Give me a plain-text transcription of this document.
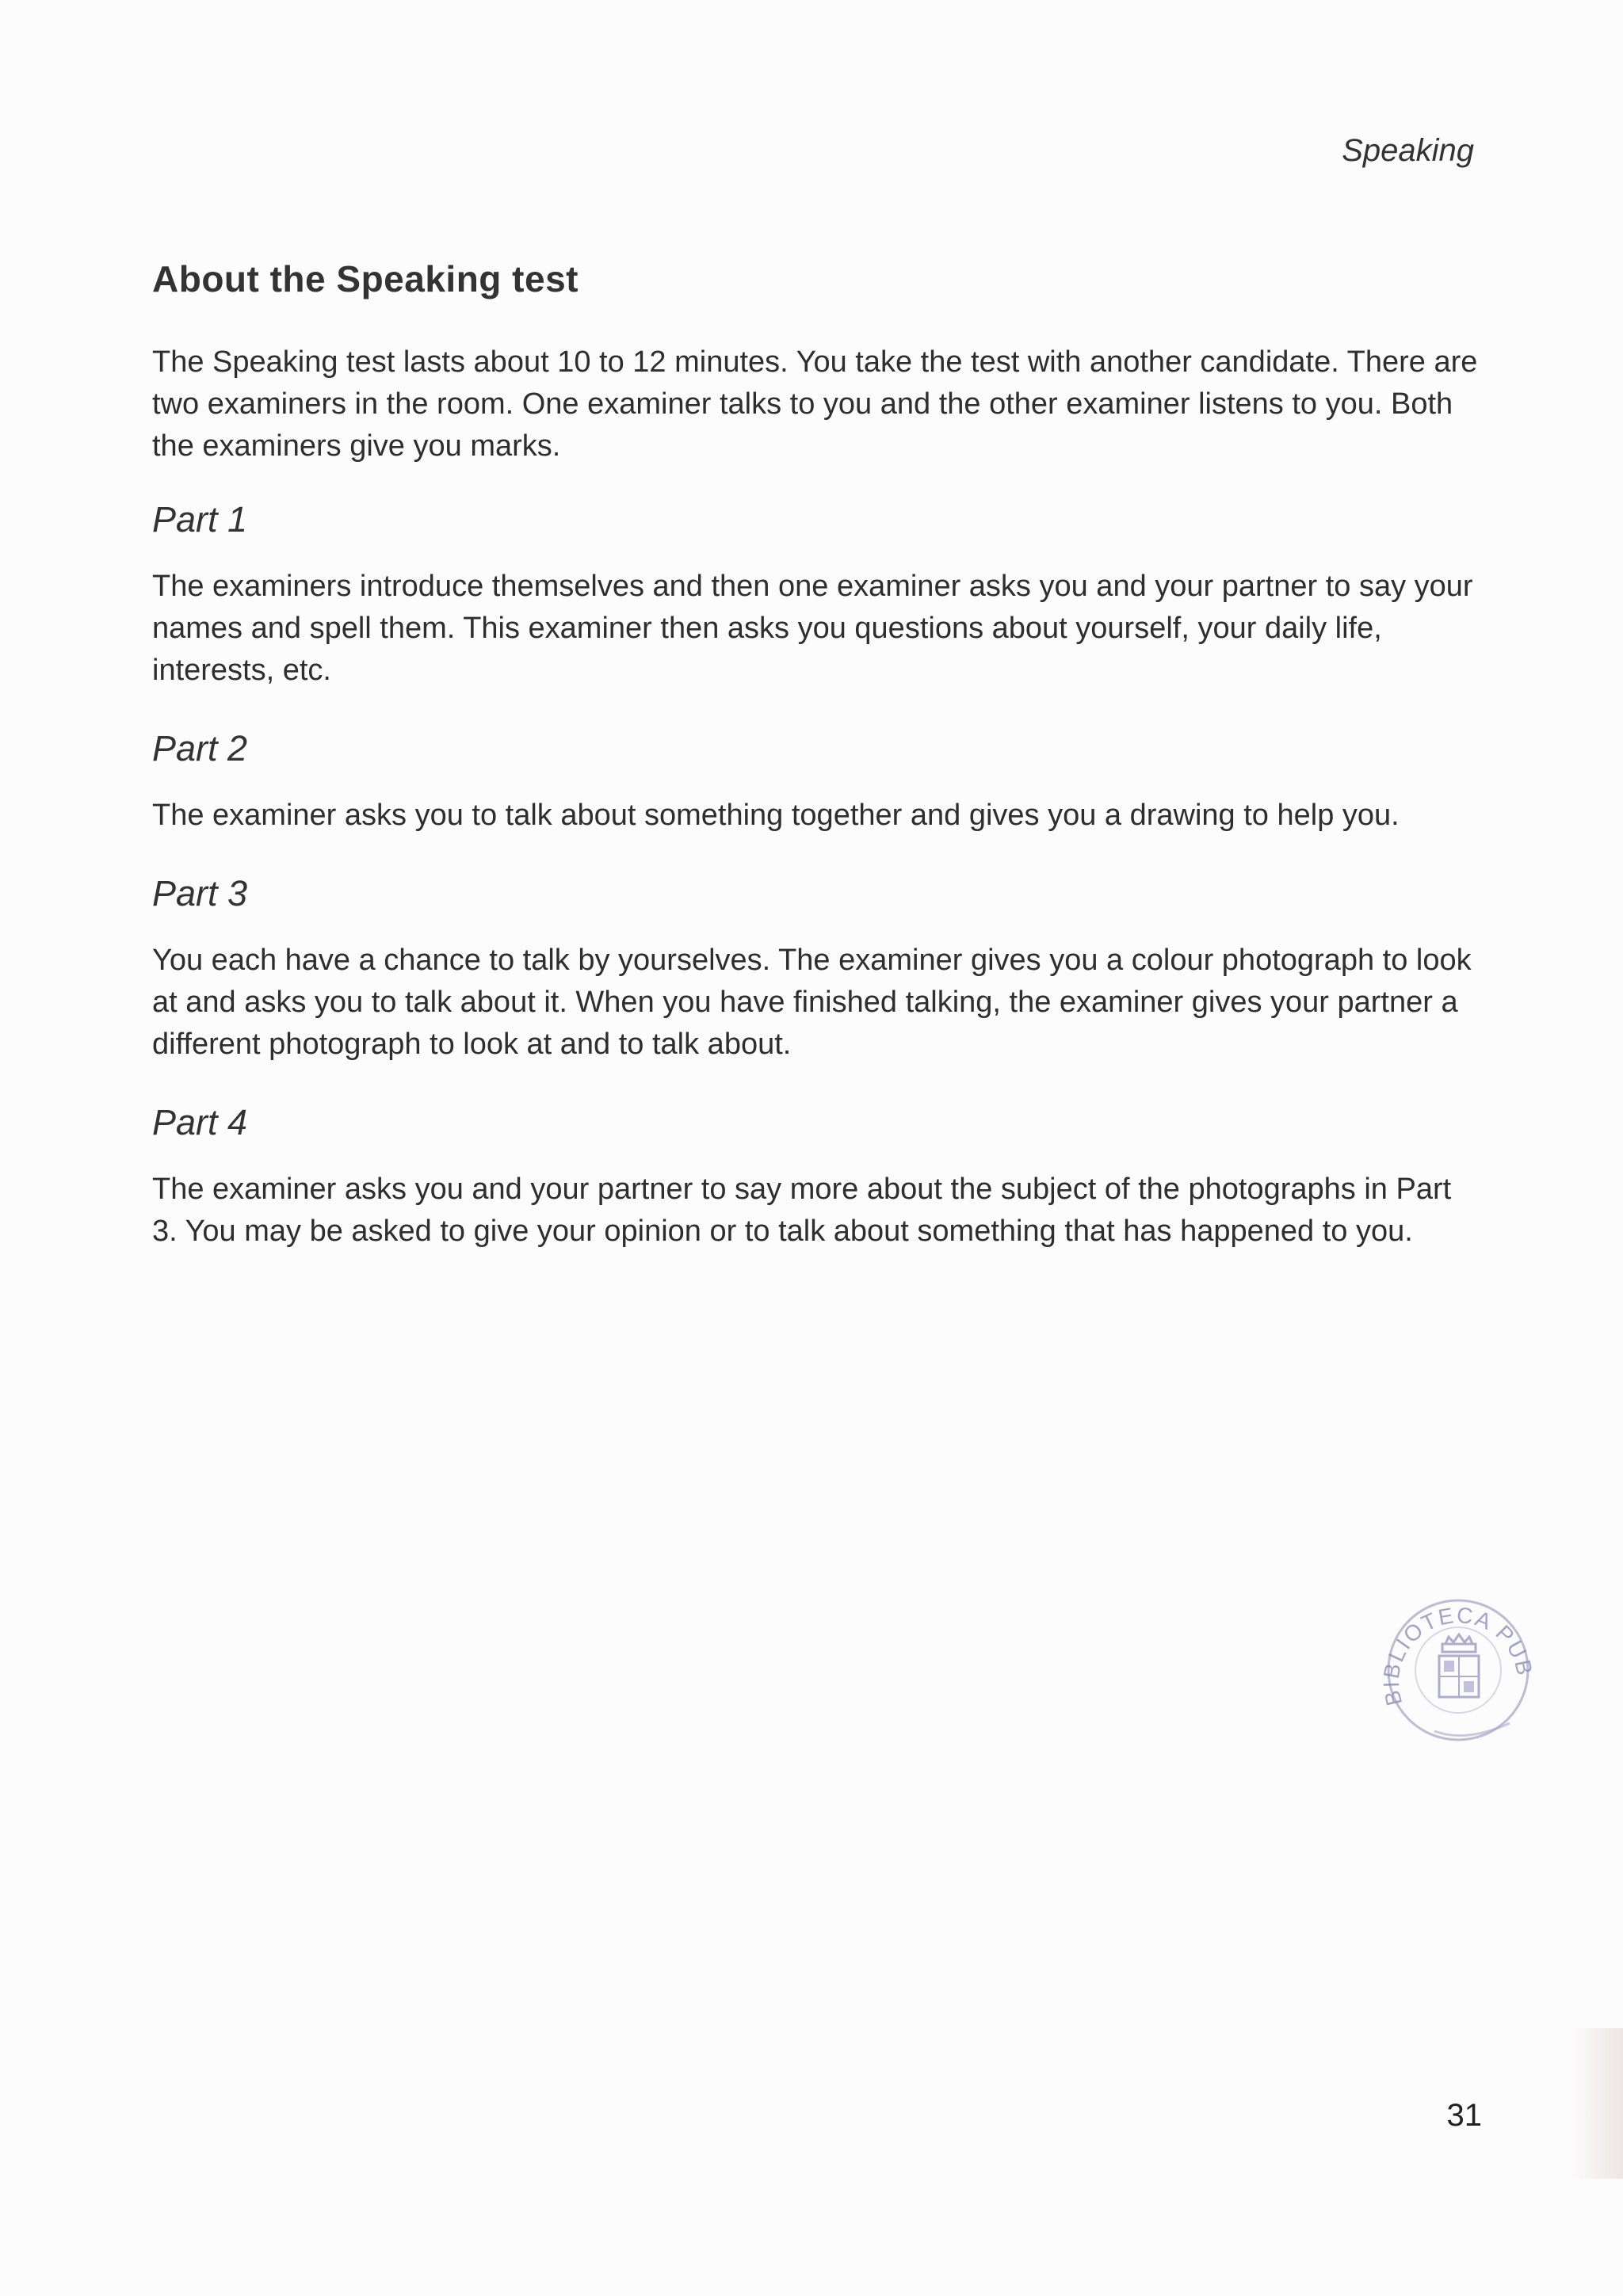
Speaking
About the Speaking test

The Speaking test lasts about 10 to 12 minutes. You take the test with another candidate. There are two examiners in the room. One examiner talks to you and the other examiner listens to you. Both the examiners give you marks.

Part 1

The examiners introduce themselves and then one examiner asks you and your partner to say your names and spell them. This examiner then asks you questions about yourself, your daily life, interests, etc.

Part 2

The examiner asks you to talk about something together and gives you a drawing to help you.

Part 3

You each have a chance to talk by yourselves. The examiner gives you a colour photograph to look at and asks you to talk about it. When you have finished talking, the examiner gives your partner a different photograph to look at and to talk about.

Part 4

The examiner asks you and your partner to say more about the subject of the photographs in Part 3. You may be asked to give your opinion or to talk about something that has happened to you.

BIBLIOTECA PUB
31
